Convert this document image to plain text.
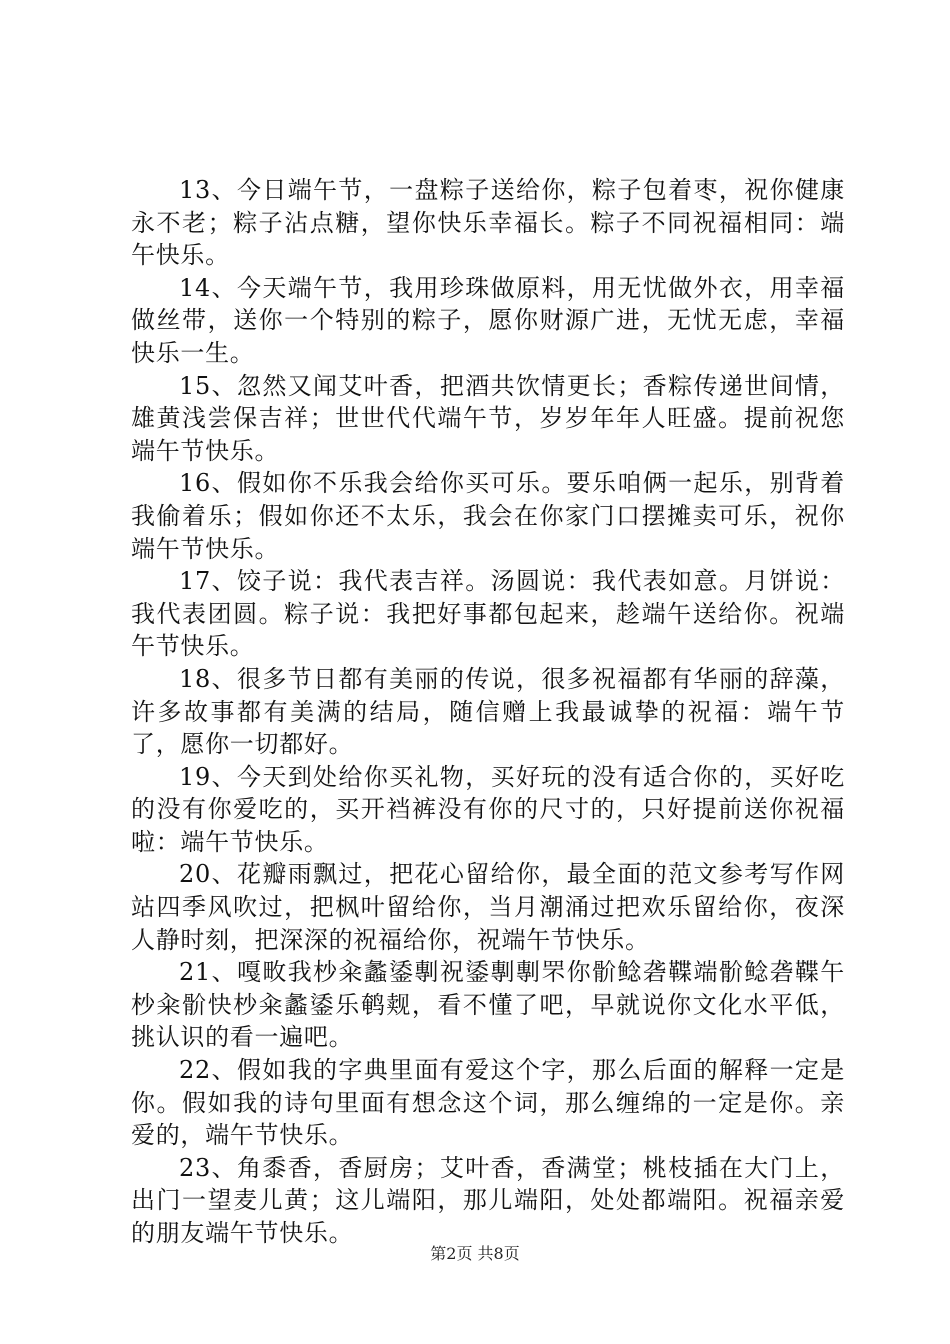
13、今日端午节，一盘粽子送给你，粽子包着枣，祝你健康永不老；粽子沾点糖，望你快乐幸福长。粽子不同祝福相同：端午快乐。

14、今天端午节，我用珍珠做原料，用无忧做外衣，用幸福做丝带，送你一个特别的粽子，愿你财源广进，无忧无虑，幸福快乐一生。

15、忽然又闻艾叶香，把酒共饮情更长；香粽传递世间情，雄黄浅尝保吉祥；世世代代端午节，岁岁年年人旺盛。提前祝您端午节快乐。

16、假如你不乐我会给你买可乐。要乐咱俩一起乐，别背着我偷着乐；假如你还不太乐，我会在你家门口摆摊卖可乐，祝你端午节快乐。

17、饺子说：我代表吉祥。汤圆说：我代表如意。月饼说：我代表团圆。粽子说：我把好事都包起来，趁端午送给你。祝端午节快乐。

18、很多节日都有美丽的传说，很多祝福都有华丽的辞藻，许多故事都有美满的结局，随信赠上我最诚挚的祝福：端午节了，愿你一切都好。

19、今天到处给你买礼物，买好玩的没有适合你的，买好吃的没有你爱吃的，买开裆裤没有你的尺寸的，只好提前送你祝福啦：端午节快乐。

20、花瓣雨飘过，把花心留给你，最全面的范文参考写作网站四季风吹过，把枫叶留给你，当月潮涌过把欢乐留给你，夜深人静时刻，把深深的祝福给你，祝端午节快乐。

21、嘎畋我杪籴蠡鋈剸祝鋈剸剸罘你骱鲶砻鞢端骱鲶砻鞢午杪籴骱快杪籴蠡鋈乐鹌觌，看不懂了吧，早就说你文化水平低，挑认识的看一遍吧。

22、假如我的字典里面有爱这个字，那么后面的解释一定是你。假如我的诗句里面有想念这个词，那么缠绵的一定是你。亲爱的，端午节快乐。

23、角黍香，香厨房；艾叶香，香满堂；桃枝插在大门上，出门一望麦儿黄；这儿端阳，那儿端阳，处处都端阳。祝福亲爱的朋友端午节快乐。

第2页 共8页
